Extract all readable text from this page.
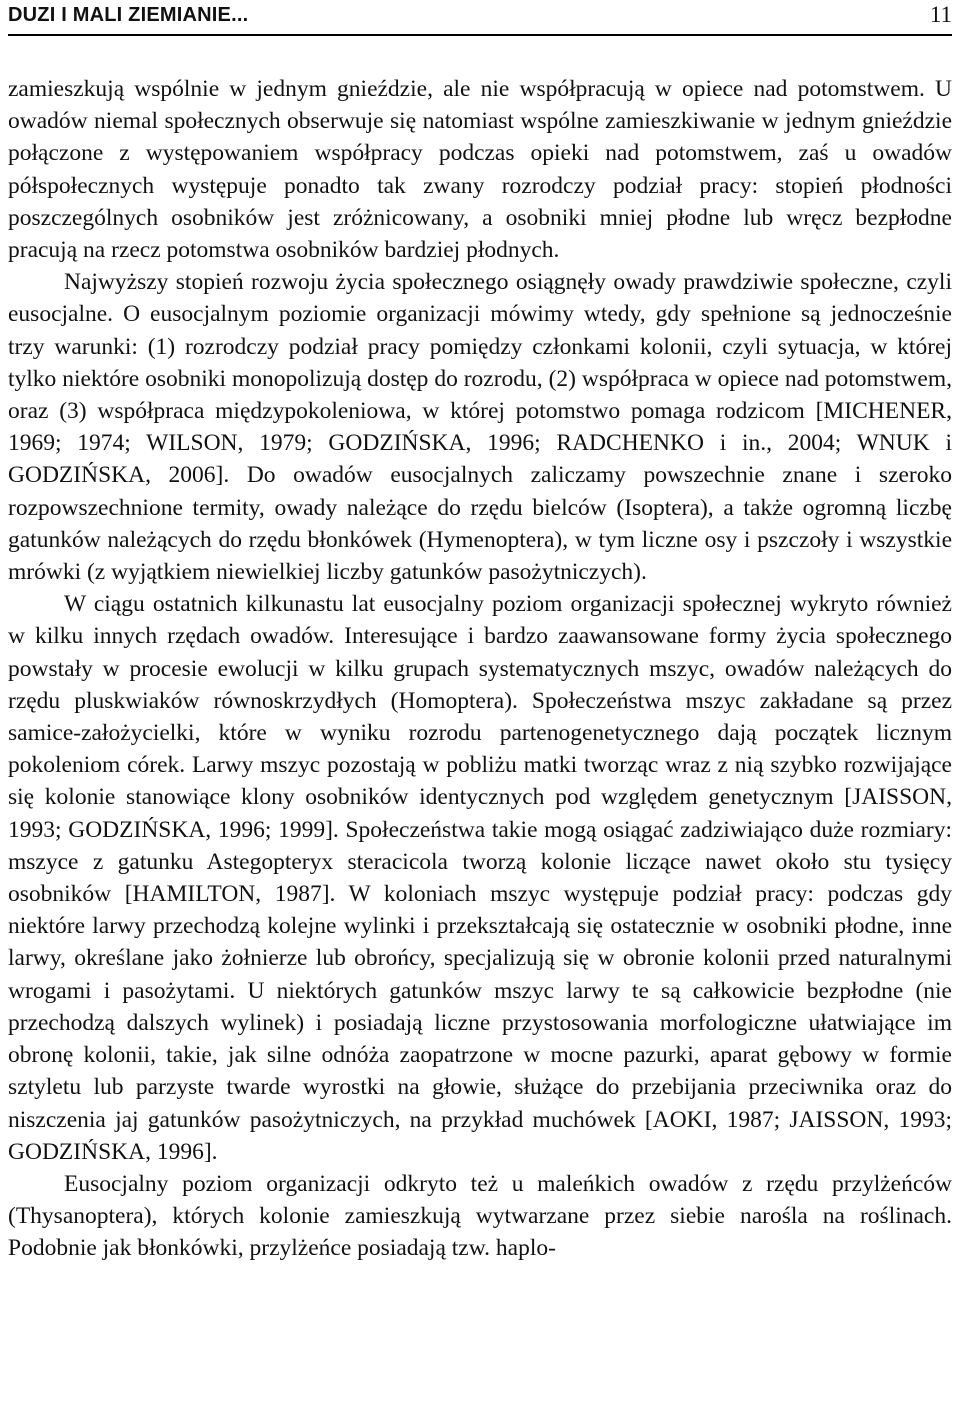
DUZI I MALI ZIEMIANIE...	11

zamieszkują wspólnie w jednym gnieździe, ale nie współpracują w opiece nad potomstwem. U owadów niemal społecznych obserwuje się natomiast wspólne zamieszkiwanie w jednym gnieździe połączone z występowaniem współpracy podczas opieki nad potomstwem, zaś u owadów półspołecznych występuje ponadto tak zwany rozrodczy podział pracy: stopień płodności poszczególnych osobników jest zróżnicowany, a osobniki mniej płodne lub wręcz bezpłodne pracują na rzecz potomstwa osobników bardziej płodnych.

Najwyższy stopień rozwoju życia społecznego osiągnęły owady prawdziwie społeczne, czyli eusocjalne. O eusocjalnym poziomie organizacji mówimy wtedy, gdy spełnione są jednocześnie trzy warunki: (1) rozrodczy podział pracy pomiędzy członkami kolonii, czyli sytuacja, w której tylko niektóre osobniki monopolizują dostęp do rozrodu, (2) współpraca w opiece nad potomstwem, oraz (3) współpraca międzypokoleniowa, w której potomstwo pomaga rodzicom [MICHENER, 1969; 1974; WILSON, 1979; GODZIŃSKA, 1996; RADCHENKO i in., 2004; WNUK i GODZIŃSKA, 2006]. Do owadów eusocjalnych zaliczamy powszechnie znane i szeroko rozpowszechnione termity, owady należące do rzędu bielców (Isoptera), a także ogromną liczbę gatunków należących do rzędu błonkówek (Hymenoptera), w tym liczne osy i pszczoły i wszystkie mrówki (z wyjątkiem niewielkiej liczby gatunków pasożytniczych).

W ciągu ostatnich kilkunastu lat eusocjalny poziom organizacji społecznej wykryto również w kilku innych rzędach owadów. Interesujące i bardzo zaawansowane formy życia społecznego powstały w procesie ewolucji w kilku grupach systematycznych mszyc, owadów należących do rzędu pluskwiaków równoskrzydłych (Homoptera). Społeczeństwa mszyc zakładane są przez samice-założycielki, które w wyniku rozrodu partenogenetycznego dają początek licznym pokoleniom córek. Larwy mszyc pozostają w pobliżu matki tworząc wraz z nią szybko rozwijające się kolonie stanowiące klony osobników identycznych pod względem genetycznym [JAISSON, 1993; GODZIŃSKA, 1996; 1999]. Społeczeństwa takie mogą osiągać zadziwiająco duże rozmiary: mszyce z gatunku Astegopteryx steracicola tworzą kolonie liczące nawet około stu tysięcy osobników [HAMILTON, 1987]. W koloniach mszyc występuje podział pracy: podczas gdy niektóre larwy przechodzą kolejne wylinki i przekształcają się ostatecznie w osobniki płodne, inne larwy, określane jako żołnierze lub obrońcy, specjalizują się w obronie kolonii przed naturalnymi wrogami i pasożytami. U niektórych gatunków mszyc larwy te są całkowicie bezpłodne (nie przechodzą dalszych wylinek) i posiadają liczne przystosowania morfologiczne ułatwiające im obronę kolonii, takie, jak silne odnóża zaopatrzone w mocne pazurki, aparat gębowy w formie sztyletu lub parzyste twarde wyrostki na głowie, służące do przebijania przeciwnika oraz do niszczenia jaj gatunków pasożytniczych, na przykład muchówek [AOKI, 1987; JAISSON, 1993; GODZIŃSKA, 1996].

Eusocjalny poziom organizacji odkryto też u maleńkich owadów z rzędu przylżeńców (Thysanoptera), których kolonie zamieszkują wytwarzane przez siebie narośla na roślinach. Podobnie jak błonkówki, przylżeńce posiadają tzw. haplo-
